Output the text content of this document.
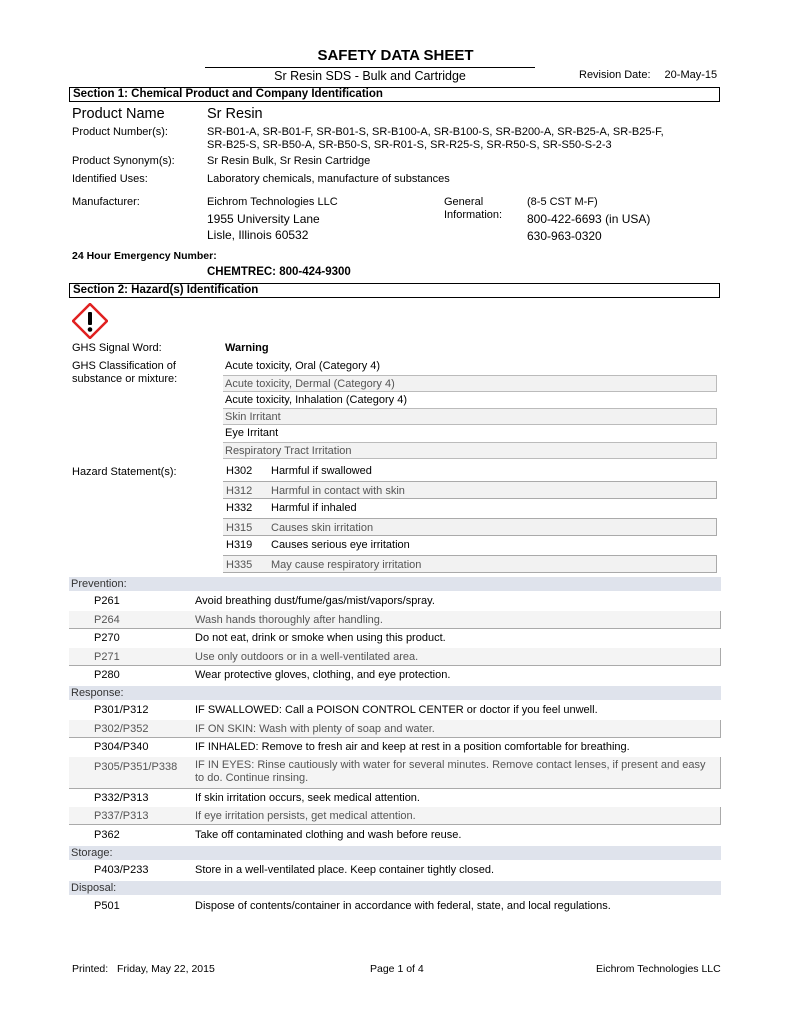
SAFETY DATA SHEET
Sr Resin SDS - Bulk and Cartridge	Revision Date: 20-May-15
Section 1: Chemical Product and Company Identification
Product Name	Sr Resin
Product Number(s):	SR-B01-A, SR-B01-F, SR-B01-S, SR-B100-A, SR-B100-S, SR-B200-A, SR-B25-A, SR-B25-F,
SR-B25-S, SR-B50-A, SR-B50-S, SR-R01-S, SR-R25-S, SR-R50-S, SR-S50-S-2-3
Product Synonym(s):	Sr Resin Bulk, Sr Resin Cartridge
Identified Uses:	Laboratory chemicals, manufacture of substances
Manufacturer:	Eichrom Technologies LLC
1955 University Lane
Lisle, Illinois 60532
General
Information:
(8-5 CST M-F)
800-422-6693 (in USA)
630-963-0320
24 Hour Emergency Number:
CHEMTREC: 800-424-9300
Section 2: Hazard(s) Identification
GHS Signal Word:	Warning
GHS Classification of
substance or mixture:
Acute toxicity, Oral (Category 4)
Acute toxicity, Dermal (Category 4)
Acute toxicity, Inhalation (Category 4)
Skin Irritant
Eye Irritant
Respiratory Tract Irritation
Hazard Statement(s):	H302 Harmful if swallowed
H312 Harmful in contact with skin
H332 Harmful if inhaled
H315 Causes skin irritation
H319 Causes serious eye irritation
H335 May cause respiratory irritation
Prevention:
P261	Avoid breathing dust/fume/gas/mist/vapors/spray.
P264	Wash hands thoroughly after handling.
P270	Do not eat, drink or smoke when using this product.
P271	Use only outdoors or in a well-ventilated area.
P280	Wear protective gloves, clothing, and eye protection.
Response:
P301/P312	IF SWALLOWED: Call a POISON CONTROL CENTER or doctor if you feel unwell.
P302/P352	IF ON SKIN: Wash with plenty of soap and water.
P304/P340	IF INHALED: Remove to fresh air and keep at rest in a position comfortable for breathing.
P305/P351/P338 IF IN EYES: Rinse cautiously with water for several minutes. Remove contact lenses, if present and easy to do. Continue rinsing.
P332/P313	If skin irritation occurs, seek medical attention.
P337/P313	If eye irritation persists, get medical attention.
P362	Take off contaminated clothing and wash before reuse.
Storage:
P403/P233	Store in a well-ventilated place. Keep container tightly closed.
Disposal:
P501	Dispose of contents/container in accordance with federal, state, and local regulations.
Printed: Friday, May 22, 2015	Page 1 of 4	Eichrom Technologies LLC
